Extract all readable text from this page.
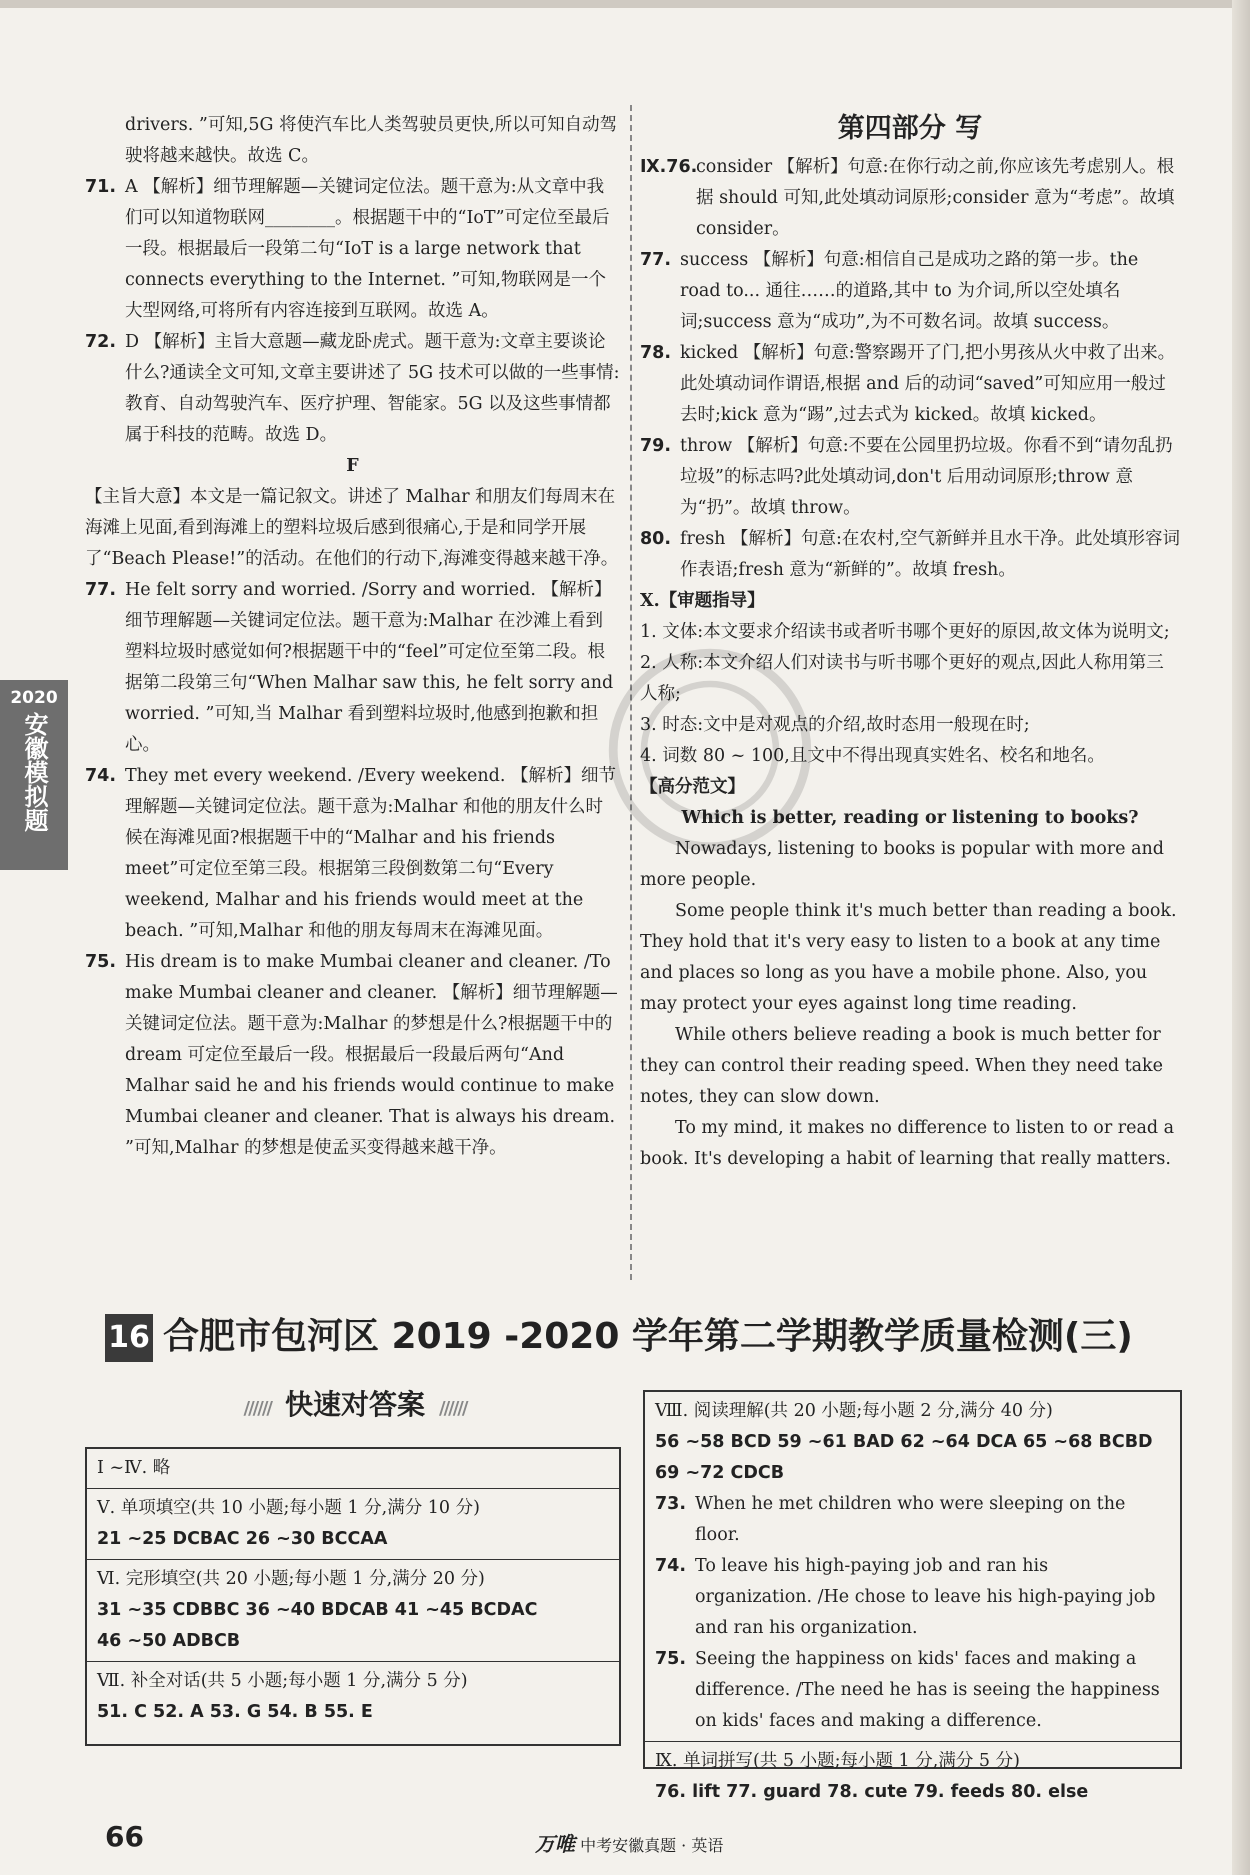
drivers. ”可知,5G 将使汽车比人类驾驶员更快,所以可知自动驾驶将越来越快。故选 C。

71. A 【解析】细节理解题—关键词定位法。题干意为:从文章中我们可以知道物联网________。根据题干中的“IoT”可定位至最后一段。根据最后一段第二句“IoT is a large network that connects everything to the Internet. ”可知,物联网是一个大型网络,可将所有内容连接到互联网。故选 A。
72. D 【解析】主旨大意题—藏龙卧虎式。题干意为:文章主要谈论什么?通读全文可知,文章主要讲述了 5G 技术可以做的一些事情:教育、自动驾驶汽车、医疗护理、智能家。5G 以及这些事情都属于科技的范畴。故选 D。

F

【主旨大意】本文是一篇记叙文。讲述了 Malhar 和朋友们每周末在海滩上见面,看到海滩上的塑料垃圾后感到很痛心,于是和同学开展了“Beach Please!”的活动。在他们的行动下,海滩变得越来越干净。

77. He felt sorry and worried. /Sorry and worried. 【解析】细节理解题—关键词定位法。题干意为:Malhar 在沙滩上看到塑料垃圾时感觉如何?根据题干中的“feel”可定位至第二段。根据第二段第三句“When Malhar saw this, he felt sorry and worried. ”可知,当 Malhar 看到塑料垃圾时,他感到抱歉和担心。
74. They met every weekend. /Every weekend. 【解析】细节理解题—关键词定位法。题干意为:Malhar 和他的朋友什么时候在海滩见面?根据题干中的“Malhar and his friends meet”可定位至第三段。根据第三段倒数第二句“Every weekend, Malhar and his friends would meet at the beach. ”可知,Malhar 和他的朋友每周末在海滩见面。
75. His dream is to make Mumbai cleaner and cleaner. /To make Mumbai cleaner and cleaner. 【解析】细节理解题—关键词定位法。题干意为:Malhar 的梦想是什么?根据题干中的 dream 可定位至最后一段。根据最后一段最后两句“And Malhar said he and his friends would continue to make Mumbai cleaner and cleaner. That is always his dream. ”可知,Malhar 的梦想是使孟买变得越来越干净。

第四部分 写

Ⅸ.76.
consider 【解析】句意:在你行动之前,你应该先考虑别人。根据 should 可知,此处填动词原形;consider 意为“考虑”。故填 consider。
77. success 【解析】句意:相信自己是成功之路的第一步。the road to... 通往……的道路,其中 to 为介词,所以空处填名词;success 意为“成功”,为不可数名词。故填 success。
78. kicked 【解析】句意:警察踢开了门,把小男孩从火中救了出来。此处填动词作谓语,根据 and 后的动词“saved”可知应用一般过去时;kick 意为“踢”,过去式为 kicked。故填 kicked。
79. throw 【解析】句意:不要在公园里扔垃圾。你看不到“请勿乱扔垃圾”的标志吗?此处填动词,don't 后用动词原形;throw 意为“扔”。故填 throw。
80. fresh 【解析】句意:在农村,空气新鲜并且水干净。此处填形容词作表语;fresh 意为“新鲜的”。故填 fresh。

Ⅹ.【审题指导】

1. 文体:本文要求介绍读书或者听书哪个更好的原因,故文体为说明文;

2. 人称:本文介绍人们对读书与听书哪个更好的观点,因此人称用第三人称;

3. 时态:文中是对观点的介绍,故时态用一般现在时;

4. 词数 80 ~ 100,且文中不得出现真实姓名、校名和地名。

【高分范文】

Which is better, reading or listening to books?

Nowadays, listening to books is popular with more and more people.

Some people think it's much better than reading a book. They hold that it's very easy to listen to a book at any time and places so long as you have a mobile phone. Also, you may protect your eyes against long time reading.

While others believe reading a book is much better for they can control their reading speed. When they need take notes, they can slow down.

To my mind, it makes no difference to listen to or read a book. It's developing a habit of learning that really matters.

2020
安徽模拟题
16 合肥市包河区 2019 -2020 学年第二学期教学质量检测(三)
////// 快速对答案 //////
Ⅰ ~Ⅳ. 略
Ⅴ. 单项填空(共 10 小题;每小题 1 分,满分 10 分)
21 ~25 DCBAC 26 ~30 BCCAA
Ⅵ. 完形填空(共 20 小题;每小题 1 分,满分 20 分)
31 ~35 CDBBC 36 ~40 BDCAB 41 ~45 BCDAC
46 ~50 ADBCB
Ⅶ. 补全对话(共 5 小题;每小题 1 分,满分 5 分)
51. C 52. A 53. G 54. B 55. E
Ⅷ. 阅读理解(共 20 小题;每小题 2 分,满分 40 分)
56 ~58 BCD 59 ~61 BAD 62 ~64 DCA 65 ~68 BCBD
69 ~72 CDCB
73. When he met children who were sleeping on the floor.
74. To leave his high-paying job and ran his organization. /He chose to leave his high-paying job and ran his organization.
75. Seeing the happiness on kids' faces and making a difference. /The need he has is seeing the happiness on kids' faces and making a difference.
Ⅸ. 单词拼写(共 5 小题;每小题 1 分,满分 5 分)
76. lift 77. guard 78. cute 79. feeds 80. else
66	万唯 中考安徽真题 · 英语
